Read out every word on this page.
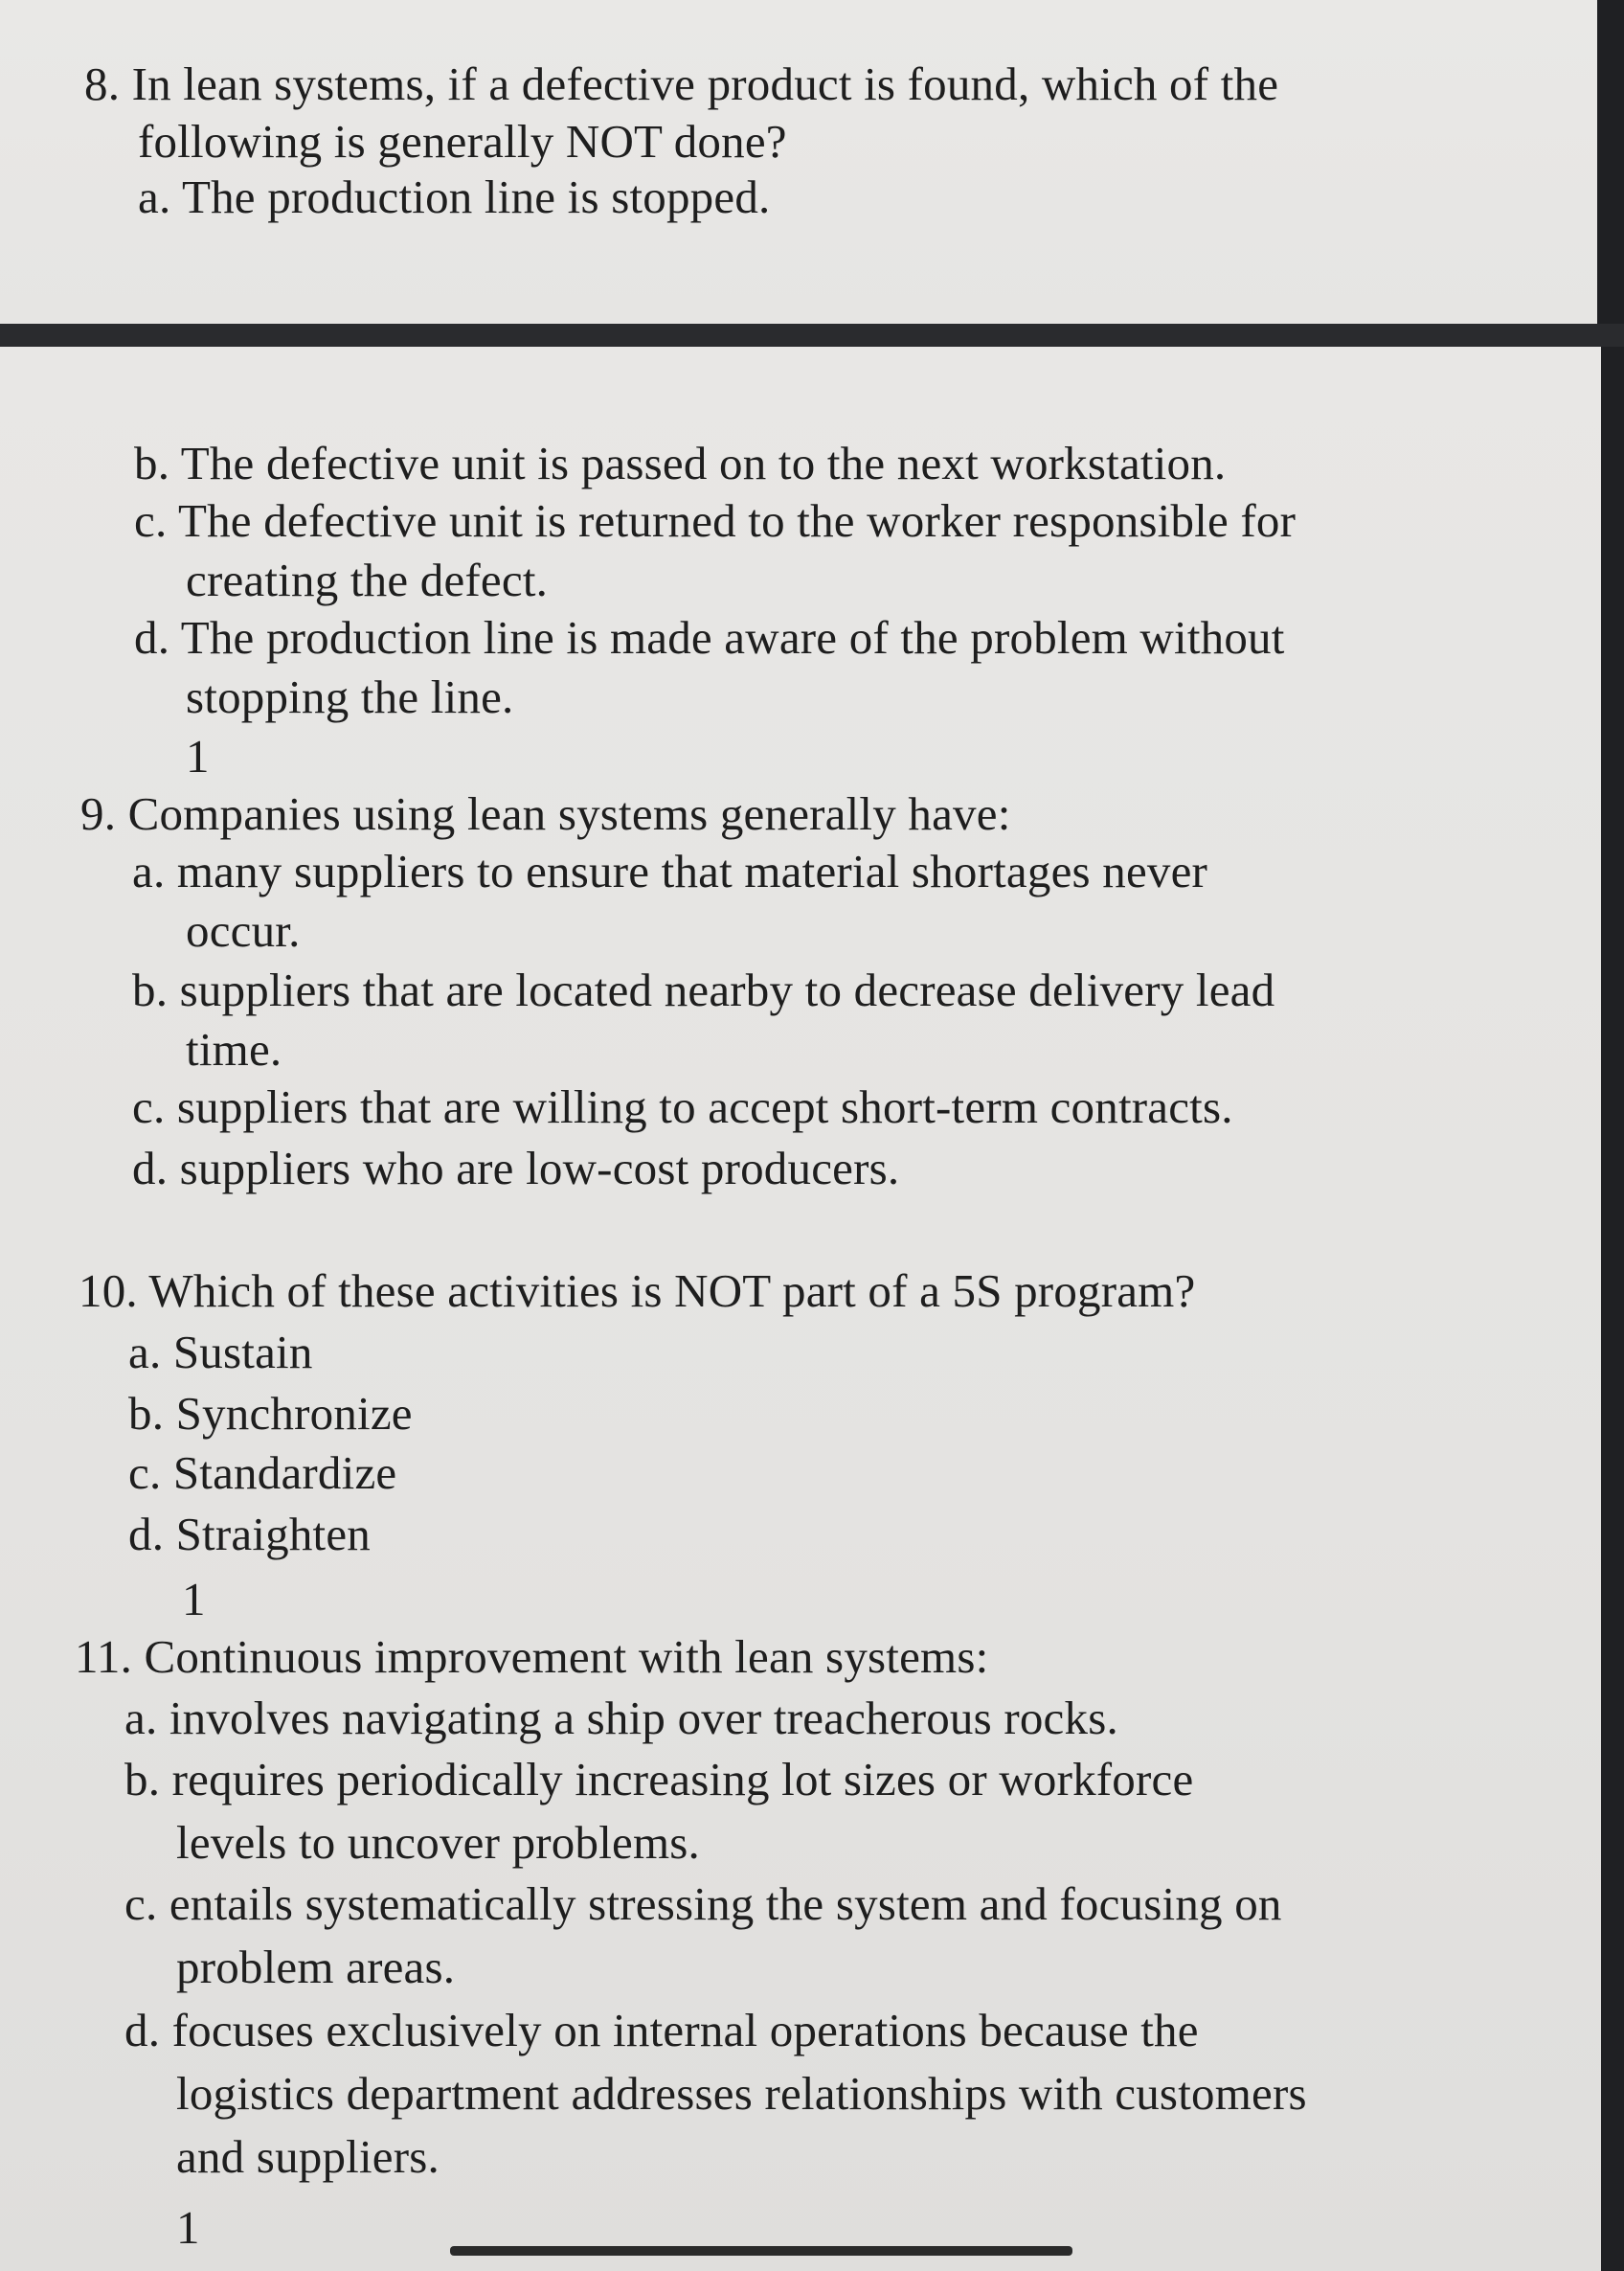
8. In lean systems, if a defective product is found, which of the
following is generally NOT done?
a. The production line is stopped.
b. The defective unit is passed on to the next workstation.
c. The defective unit is returned to the worker responsible for
creating the defect.
d. The production line is made aware of the problem without
stopping the line.
1
9. Companies using lean systems generally have:
a. many suppliers to ensure that material shortages never
occur.
b. suppliers that are located nearby to decrease delivery lead
time.
c. suppliers that are willing to accept short-term contracts.
d. suppliers who are low-cost producers.
10. Which of these activities is NOT part of a 5S program?
a. Sustain
b. Synchronize
c. Standardize
d. Straighten
1
11. Continuous improvement with lean systems:
a. involves navigating a ship over treacherous rocks.
b. requires periodically increasing lot sizes or workforce
levels to uncover problems.
c. entails systematically stressing the system and focusing on
problem areas.
d. focuses exclusively on internal operations because the
logistics department addresses relationships with customers
and suppliers.
1
